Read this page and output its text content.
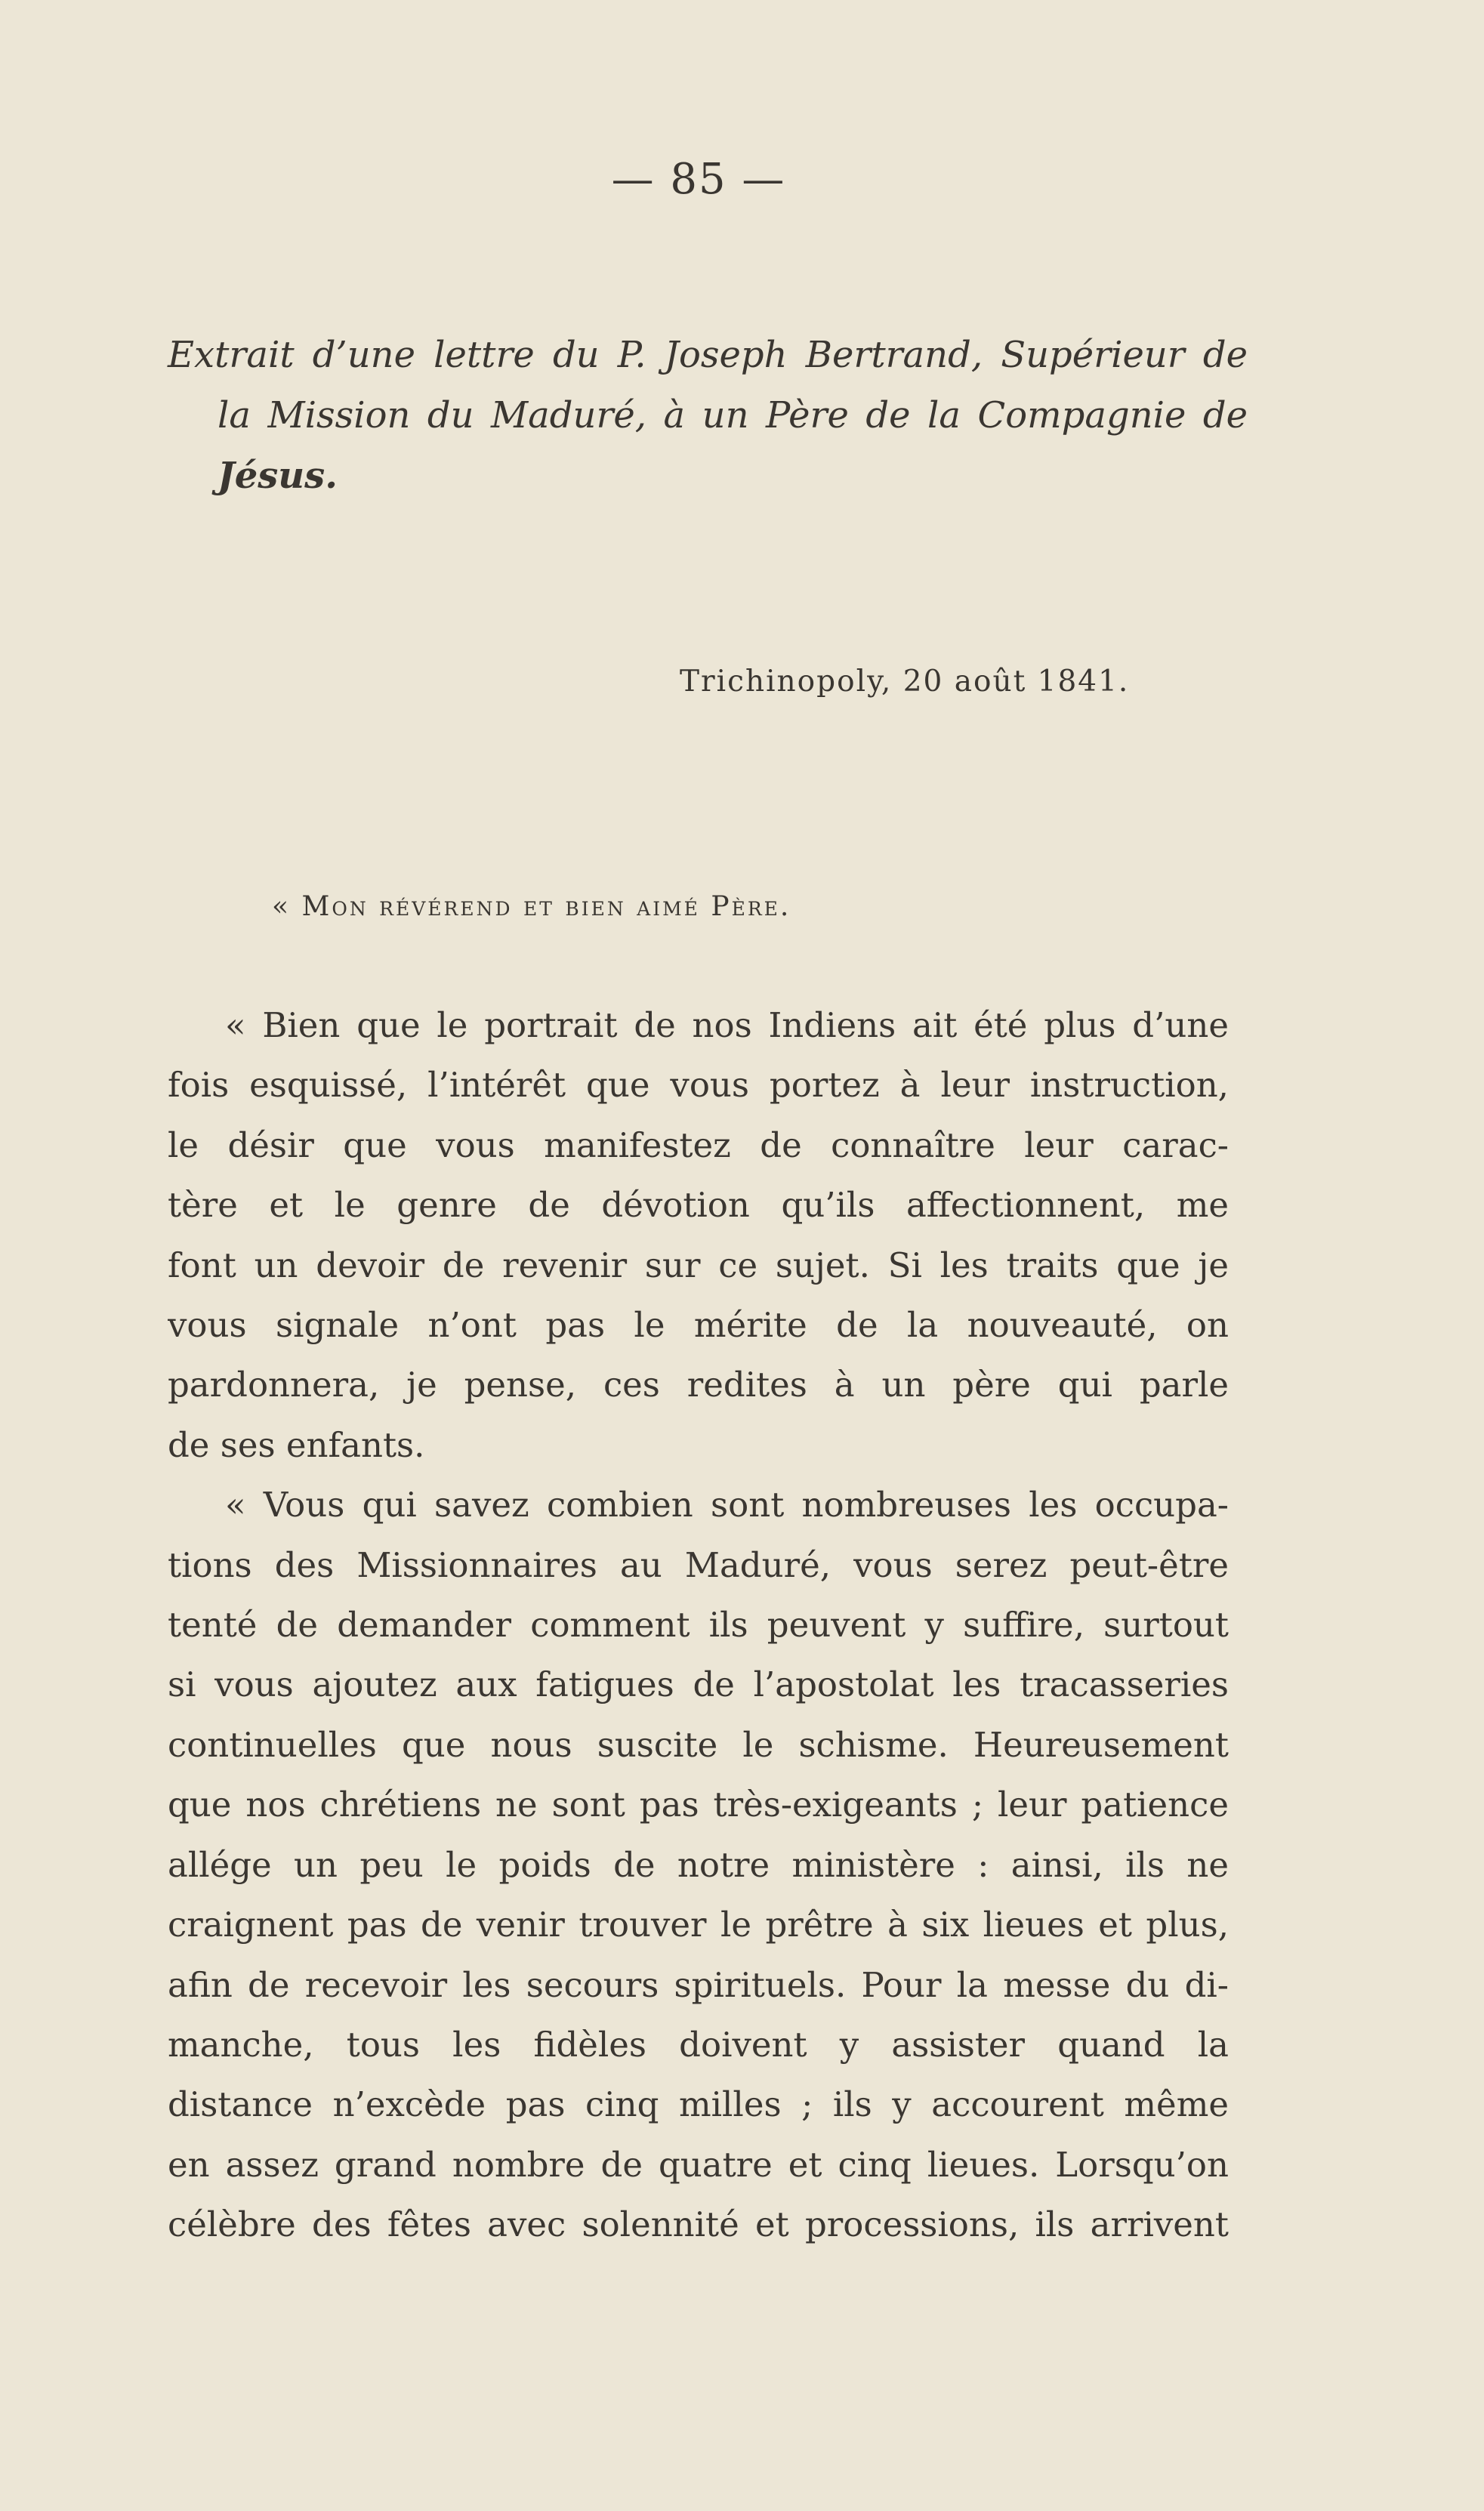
— 85 —
Extrait d’une lettre du P. Joseph Bertrand, Supérieur de
la Mission du Maduré, à un Père de la Compagnie de
Jésus.
Trichinopoly, 20 août 1841.
« Mon révérend et bien aimé Père.
« Bien que le portrait de nos Indiens ait été plus d’une
fois esquissé, l’intérêt que vous portez à leur instruction,
le désir que vous manifestez de connaître leur carac-
tère et le genre de dévotion qu’ils affectionnent, me
font un devoir de revenir sur ce sujet. Si les traits que je
vous signale n’ont pas le mérite de la nouveauté, on
pardonnera, je pense, ces redites à un père qui parle
de ses enfants.
« Vous qui savez combien sont nombreuses les occupa-
tions des Missionnaires au Maduré, vous serez peut-être
tenté de demander comment ils peuvent y suffire, surtout
si vous ajoutez aux fatigues de l’apostolat les tracasseries
continuelles que nous suscite le schisme. Heureusement
que nos chrétiens ne sont pas très-exigeants ; leur patience
allége un peu le poids de notre ministère : ainsi, ils ne
craignent pas de venir trouver le prêtre à six lieues et plus,
afin de recevoir les secours spirituels. Pour la messe du di-
manche, tous les fidèles doivent y assister quand la
distance n’excède pas cinq milles ; ils y accourent même
en assez grand nombre de quatre et cinq lieues. Lorsqu’on
célèbre des fêtes avec solennité et processions, ils arrivent
